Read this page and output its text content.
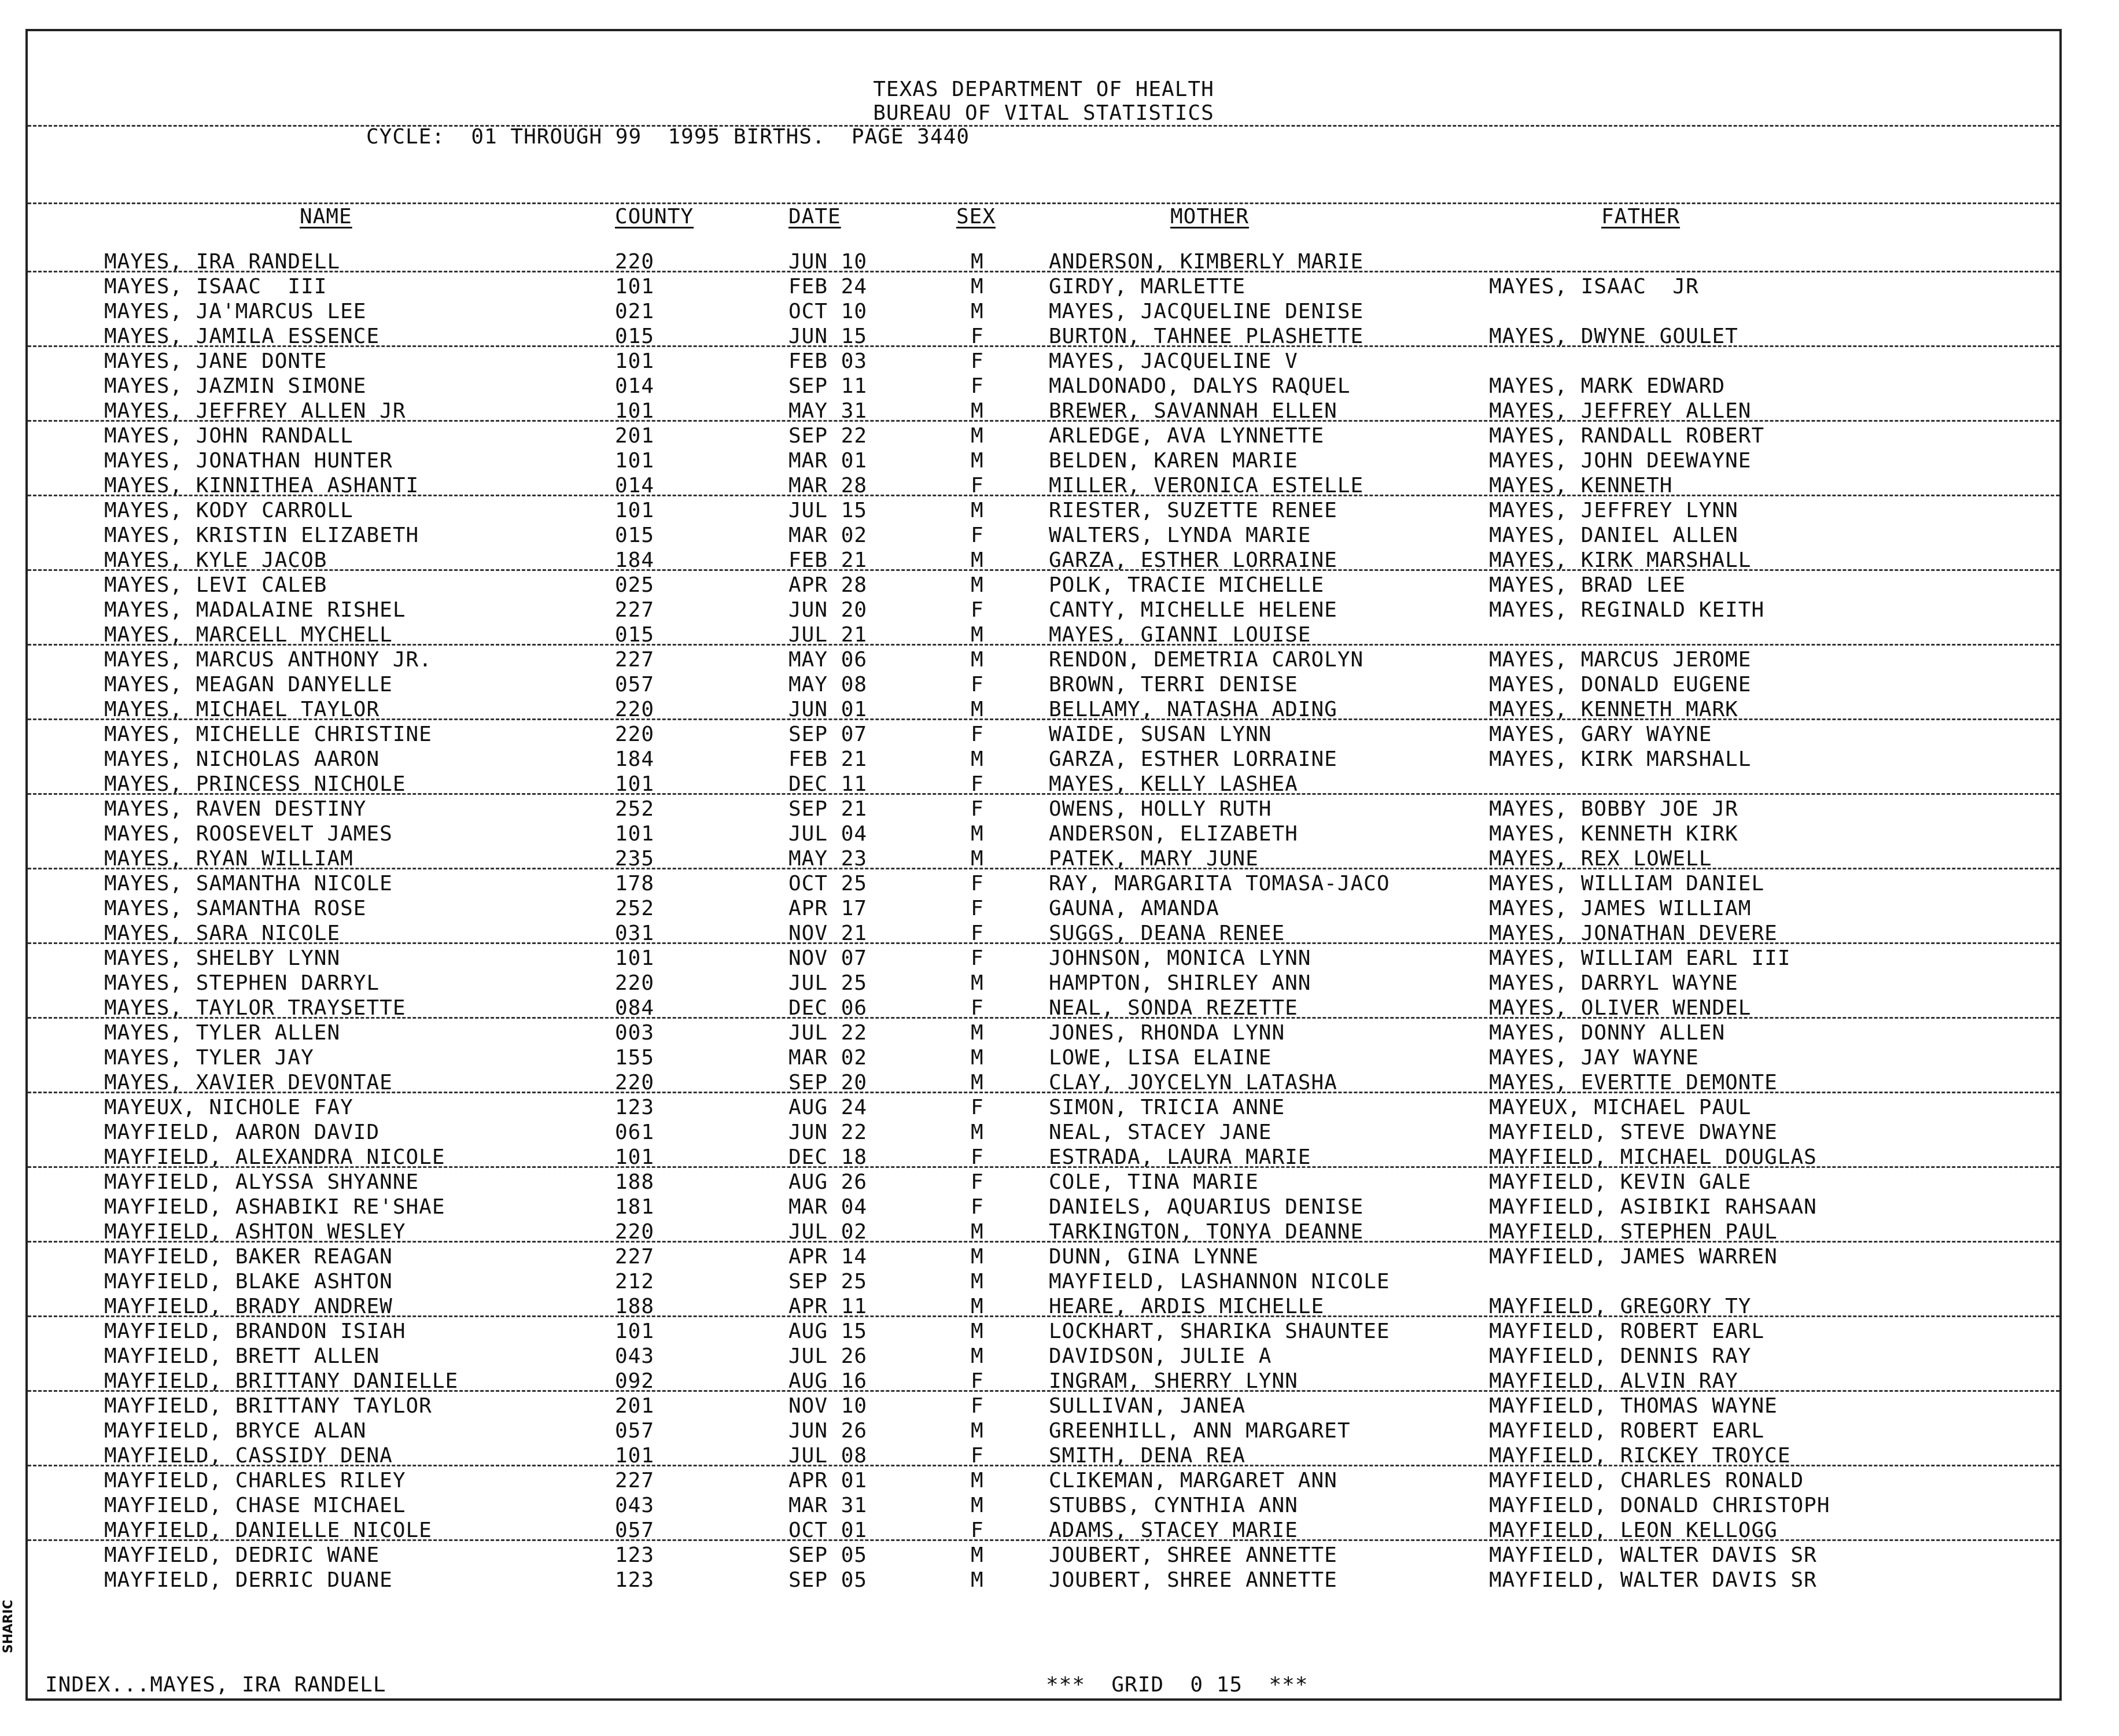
TEXAS DEPARTMENT OF HEALTH
BUREAU OF VITAL STATISTICS
CYCLE:  01 THROUGH 99  1995 BIRTHS.  PAGE 3440
NAME	COUNTY	DATE	SEX	MOTHER	FATHER
MAYES, IRA RANDELL	220	JUN 10	M	ANDERSON, KIMBERLY MARIE
MAYES, ISAAC  III	101	FEB 24	M	GIRDY, MARLETTE	MAYES, ISAAC  JR
MAYES, JA'MARCUS LEE	021	OCT 10	M	MAYES, JACQUELINE DENISE
MAYES, JAMILA ESSENCE	015	JUN 15	F	BURTON, TAHNEE PLASHETTE	MAYES, DWYNE GOULET
MAYES, JANE DONTE	101	FEB 03	F	MAYES, JACQUELINE V
MAYES, JAZMIN SIMONE	014	SEP 11	F	MALDONADO, DALYS RAQUEL	MAYES, MARK EDWARD
MAYES, JEFFREY ALLEN JR	101	MAY 31	M	BREWER, SAVANNAH ELLEN	MAYES, JEFFREY ALLEN
MAYES, JOHN RANDALL	201	SEP 22	M	ARLEDGE, AVA LYNNETTE	MAYES, RANDALL ROBERT
MAYES, JONATHAN HUNTER	101	MAR 01	M	BELDEN, KAREN MARIE	MAYES, JOHN DEEWAYNE
MAYES, KINNITHEA ASHANTI	014	MAR 28	F	MILLER, VERONICA ESTELLE	MAYES, KENNETH
MAYES, KODY CARROLL	101	JUL 15	M	RIESTER, SUZETTE RENEE	MAYES, JEFFREY LYNN
MAYES, KRISTIN ELIZABETH	015	MAR 02	F	WALTERS, LYNDA MARIE	MAYES, DANIEL ALLEN
MAYES, KYLE JACOB	184	FEB 21	M	GARZA, ESTHER LORRAINE	MAYES, KIRK MARSHALL
MAYES, LEVI CALEB	025	APR 28	M	POLK, TRACIE MICHELLE	MAYES, BRAD LEE
MAYES, MADALAINE RISHEL	227	JUN 20	F	CANTY, MICHELLE HELENE	MAYES, REGINALD KEITH
MAYES, MARCELL MYCHELL	015	JUL 21	M	MAYES, GIANNI LOUISE
MAYES, MARCUS ANTHONY JR.	227	MAY 06	M	RENDON, DEMETRIA CAROLYN	MAYES, MARCUS JEROME
MAYES, MEAGAN DANYELLE	057	MAY 08	F	BROWN, TERRI DENISE	MAYES, DONALD EUGENE
MAYES, MICHAEL TAYLOR	220	JUN 01	M	BELLAMY, NATASHA ADING	MAYES, KENNETH MARK
MAYES, MICHELLE CHRISTINE	220	SEP 07	F	WAIDE, SUSAN LYNN	MAYES, GARY WAYNE
MAYES, NICHOLAS AARON	184	FEB 21	M	GARZA, ESTHER LORRAINE	MAYES, KIRK MARSHALL
MAYES, PRINCESS NICHOLE	101	DEC 11	F	MAYES, KELLY LASHEA
MAYES, RAVEN DESTINY	252	SEP 21	F	OWENS, HOLLY RUTH	MAYES, BOBBY JOE JR
MAYES, ROOSEVELT JAMES	101	JUL 04	M	ANDERSON, ELIZABETH	MAYES, KENNETH KIRK
MAYES, RYAN WILLIAM	235	MAY 23	M	PATEK, MARY JUNE	MAYES, REX LOWELL
MAYES, SAMANTHA NICOLE	178	OCT 25	F	RAY, MARGARITA TOMASA-JACO	MAYES, WILLIAM DANIEL
MAYES, SAMANTHA ROSE	252	APR 17	F	GAUNA, AMANDA	MAYES, JAMES WILLIAM
MAYES, SARA NICOLE	031	NOV 21	F	SUGGS, DEANA RENEE	MAYES, JONATHAN DEVERE
MAYES, SHELBY LYNN	101	NOV 07	F	JOHNSON, MONICA LYNN	MAYES, WILLIAM EARL III
MAYES, STEPHEN DARRYL	220	JUL 25	M	HAMPTON, SHIRLEY ANN	MAYES, DARRYL WAYNE
MAYES, TAYLOR TRAYSETTE	084	DEC 06	F	NEAL, SONDA REZETTE	MAYES, OLIVER WENDEL
MAYES, TYLER ALLEN	003	JUL 22	M	JONES, RHONDA LYNN	MAYES, DONNY ALLEN
MAYES, TYLER JAY	155	MAR 02	M	LOWE, LISA ELAINE	MAYES, JAY WAYNE
MAYES, XAVIER DEVONTAE	220	SEP 20	M	CLAY, JOYCELYN LATASHA	MAYES, EVERTTE DEMONTE
MAYEUX, NICHOLE FAY	123	AUG 24	F	SIMON, TRICIA ANNE	MAYEUX, MICHAEL PAUL
MAYFIELD, AARON DAVID	061	JUN 22	M	NEAL, STACEY JANE	MAYFIELD, STEVE DWAYNE
MAYFIELD, ALEXANDRA NICOLE	101	DEC 18	F	ESTRADA, LAURA MARIE	MAYFIELD, MICHAEL DOUGLAS
MAYFIELD, ALYSSA SHYANNE	188	AUG 26	F	COLE, TINA MARIE	MAYFIELD, KEVIN GALE
MAYFIELD, ASHABIKI RE'SHAE	181	MAR 04	F	DANIELS, AQUARIUS DENISE	MAYFIELD, ASIBIKI RAHSAAN
MAYFIELD, ASHTON WESLEY	220	JUL 02	M	TARKINGTON, TONYA DEANNE	MAYFIELD, STEPHEN PAUL
MAYFIELD, BAKER REAGAN	227	APR 14	M	DUNN, GINA LYNNE	MAYFIELD, JAMES WARREN
MAYFIELD, BLAKE ASHTON	212	SEP 25	M	MAYFIELD, LASHANNON NICOLE
MAYFIELD, BRADY ANDREW	188	APR 11	M	HEARE, ARDIS MICHELLE	MAYFIELD, GREGORY TY
MAYFIELD, BRANDON ISIAH	101	AUG 15	M	LOCKHART, SHARIKA SHAUNTEE	MAYFIELD, ROBERT EARL
MAYFIELD, BRETT ALLEN	043	JUL 26	M	DAVIDSON, JULIE A	MAYFIELD, DENNIS RAY
MAYFIELD, BRITTANY DANIELLE	092	AUG 16	F	INGRAM, SHERRY LYNN	MAYFIELD, ALVIN RAY
MAYFIELD, BRITTANY TAYLOR	201	NOV 10	F	SULLIVAN, JANEA	MAYFIELD, THOMAS WAYNE
MAYFIELD, BRYCE ALAN	057	JUN 26	M	GREENHILL, ANN MARGARET	MAYFIELD, ROBERT EARL
MAYFIELD, CASSIDY DENA	101	JUL 08	F	SMITH, DENA REA	MAYFIELD, RICKEY TROYCE
MAYFIELD, CHARLES RILEY	227	APR 01	M	CLIKEMAN, MARGARET ANN	MAYFIELD, CHARLES RONALD
MAYFIELD, CHASE MICHAEL	043	MAR 31	M	STUBBS, CYNTHIA ANN	MAYFIELD, DONALD CHRISTOPH
MAYFIELD, DANIELLE NICOLE	057	OCT 01	F	ADAMS, STACEY MARIE	MAYFIELD, LEON KELLOGG
MAYFIELD, DEDRIC WANE	123	SEP 05	M	JOUBERT, SHREE ANNETTE	MAYFIELD, WALTER DAVIS SR
MAYFIELD, DERRIC DUANE	123	SEP 05	M	JOUBERT, SHREE ANNETTE	MAYFIELD, WALTER DAVIS SR
INDEX...MAYES, IRA RANDELL	***  GRID  0 15  ***
SHARIC
